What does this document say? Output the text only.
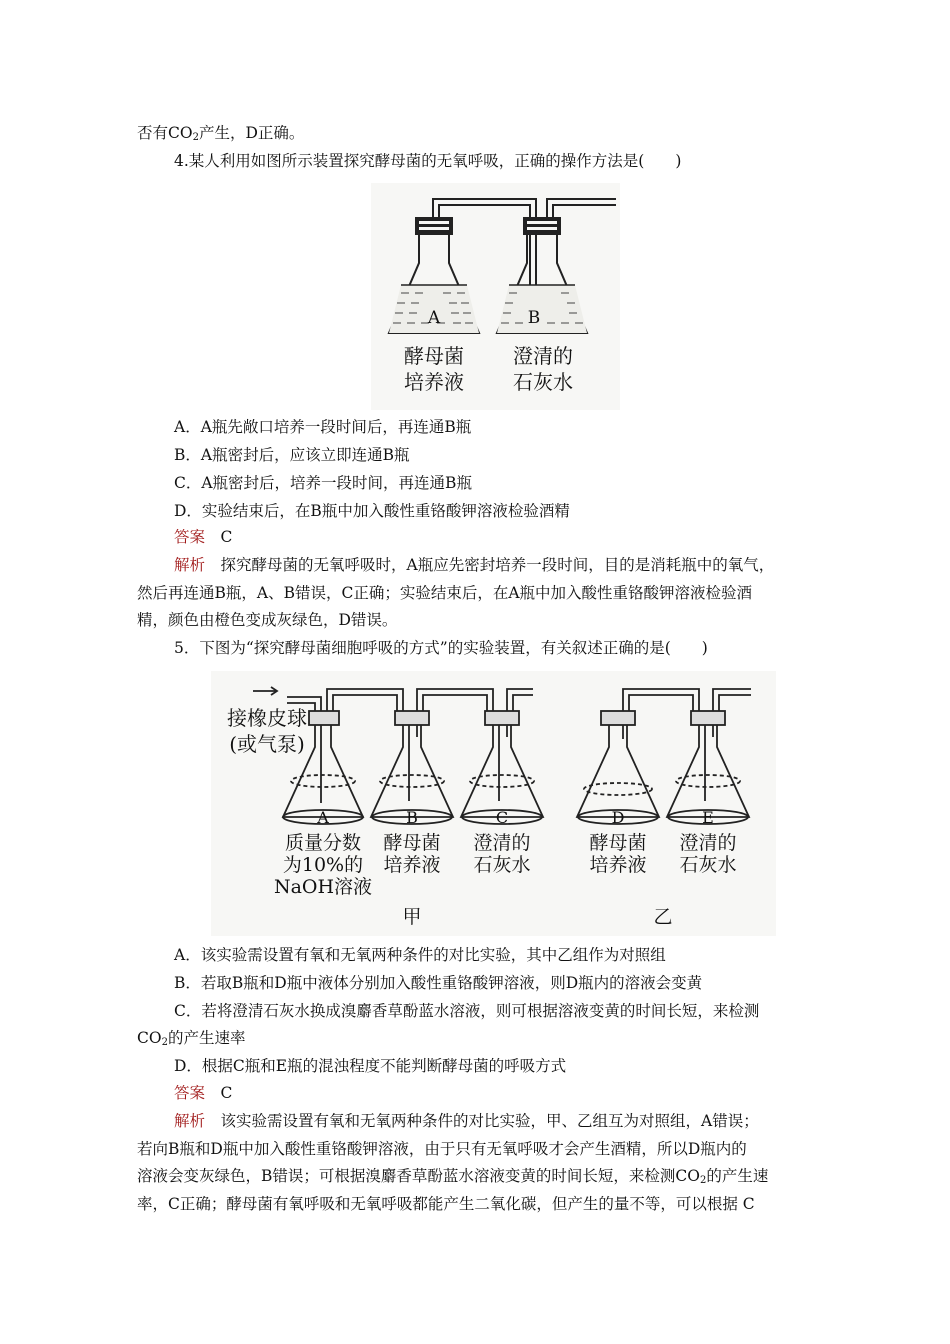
否有$CO_2$产生，D正确。
4.某人利用如图所示装置探究酵母菌的无氧呼吸，正确的操作方法是(　　)
A	B
酵母菌
培养液
澄清的
石灰水
A．A瓶先敞口培养一段时间后，再连通B瓶
B．A瓶密封后，应该立即连通B瓶
C．A瓶密封后，培养一段时间，再连通B瓶
D．实验结束后，在B瓶中加入酸性重铬酸钾溶液检验酒精
答案　 C
解析　 探究酵母菌的无氧呼吸时，A瓶应先密封培养一段时间，目的是消耗瓶中的氧气，
然后再连通B瓶，A、B错误，C正确；实验结束后，在A瓶中加入酸性重铬酸钾溶液检验酒
精，颜色由橙色变成灰绿色，D错误。
5．下图为“探究酵母菌细胞呼吸的方式”的实验装置，有关叙述正确的是(　　)
接橡皮球
(或气泵)
A	B	C	D	E
质量分数
为10%的
NaOH溶液
酵母菌
培养液
澄清的
石灰水
酵母菌
培养液
澄清的
石灰水
甲	乙
A．该实验需设置有氧和无氧两种条件的对比实验，其中乙组作为对照组
B．若取B瓶和D瓶中液体分别加入酸性重铬酸钾溶液，则D瓶内的溶液会变黄
C．若将澄清石灰水换成溴麝香草酚蓝水溶液，则可根据溶液变黄的时间长短，来检测
$CO_2$的产生速率
D．根据C瓶和E瓶的混浊程度不能判断酵母菌的呼吸方式
答案　 C
解析　 该实验需设置有氧和无氧两种条件的对比实验，甲、乙组互为对照组，A错误；
若向B瓶和D瓶中加入酸性重铬酸钾溶液，由于只有无氧呼吸才会产生酒精，所以D瓶内的
溶液会变灰绿色，B错误；可根据溴麝香草酚蓝水溶液变黄的时间长短，来检测$CO_2$的产生速
率，C正确；酵母菌有氧呼吸和无氧呼吸都能产生二氧化碳，但产生的量不等，可以根据 C
